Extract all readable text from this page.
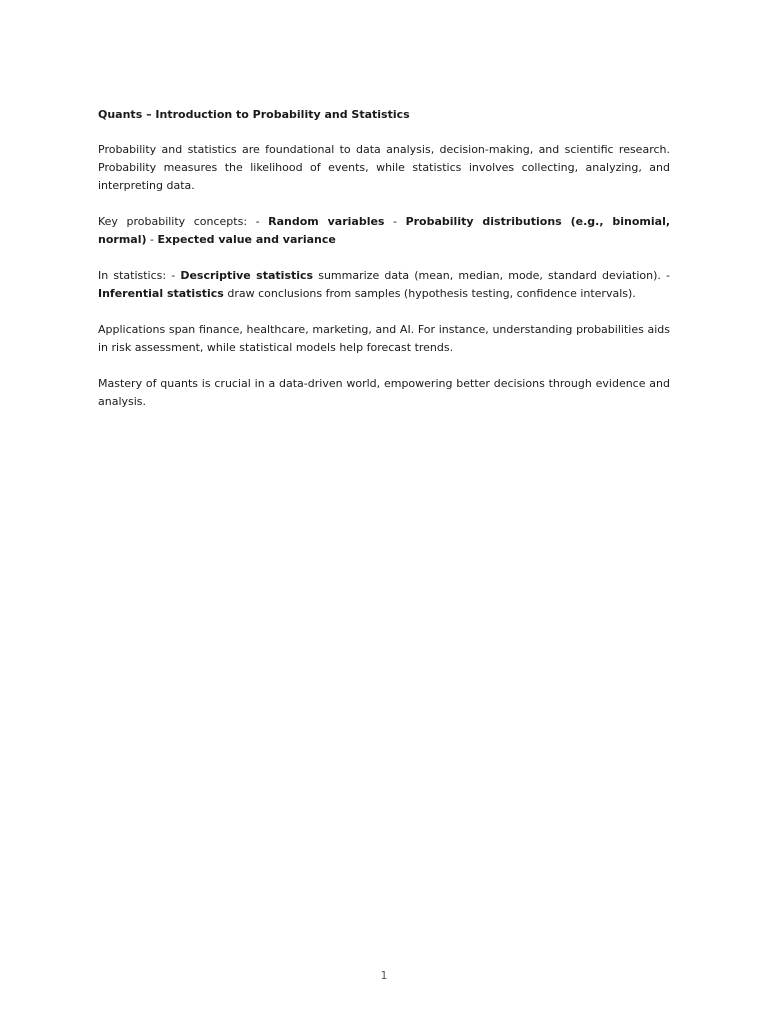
Quants – Introduction to Probability and Statistics

Probability and statistics are foundational to data analysis, decision-making, and scientific research. Probability measures the likelihood of events, while statistics involves collecting, analyzing, and interpreting data.

Key probability concepts: - Random variables - Probability distributions (e.g., binomial, normal) - Expected value and variance

In statistics: - Descriptive statistics summarize data (mean, median, mode, standard deviation). - Inferential statistics draw conclusions from samples (hypothesis testing, confidence intervals).

Applications span finance, healthcare, marketing, and AI. For instance, understanding probabilities aids in risk assessment, while statistical models help forecast trends.

Mastery of quants is crucial in a data-driven world, empowering better decisions through evidence and analysis.

1
